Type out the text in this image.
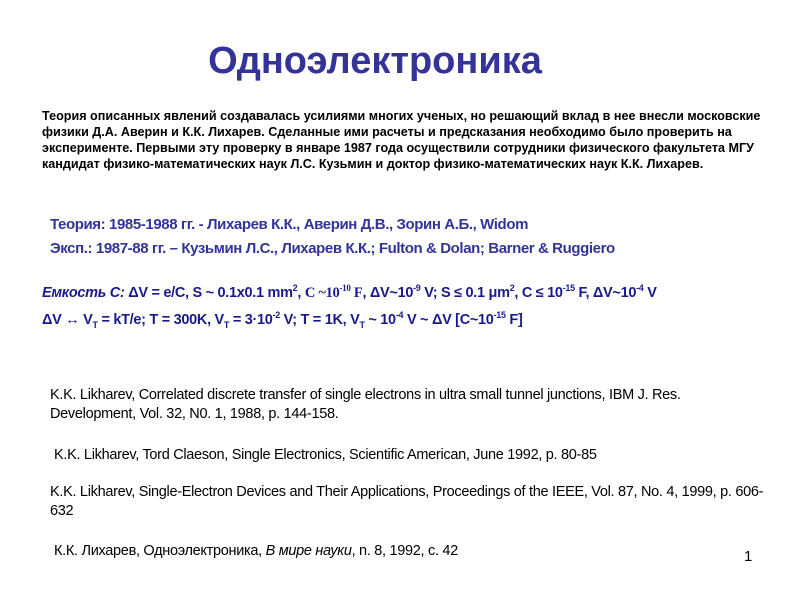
Одноэлектроника
Теория описанных явлений создавалась усилиями многих ученых, но решающий вклад в нее внесли московские физики Д.А. Аверин и К.К. Лихарев. Сделанные ими расчеты и предсказания необходимо было проверить на эксперименте. Первыми эту проверку в январе 1987 года осуществили сотрудники физического факультета МГУ кандидат физико-математических наук Л.С. Кузьмин и доктор физико-математических наук К.К. Лихарев.
Теория: 1985-1988 гг. - Лихарев К.К., Аверин Д.В., Зорин А.Б., Widom
Эксп.: 1987-88 гг. – Кузьмин Л.С., Лихарев К.К.; Fulton & Dolan; Barner & Ruggiero
Емкость С: ΔV = e/C, S ~ 0.1x0.1 $mm^2$, C $\sim 10^{-10}$ F, $\Delta V\sim 10^{-9}$ V; S ≤ 0.1 $\mu m^2$, $C \le 10^{-15}$ F, $\Delta V\sim 10^{-4}$ V
ΔV ↔ $V_T = kT/e$; T = 300K, $V_T = 3\cdot 10^{-2}$ V; T = 1K, $V_T$ ~ $10^{-4}$ V ~ ΔV [$C\sim 10^{-15}$ F]
K.K. Likharev, Correlated discrete transfer of single electrons in ultra small tunnel junctions, IBM J. Res. Development, Vol. 32, N0. 1, 1988, p. 144-158.
K.K. Likharev, Tord Claeson, Single Electronics, Scientific American, June 1992, p. 80-85
K.K. Likharev, Single-Electron Devices and Their Applications, Proceedings of the IEEE, Vol. 87, No. 4, 1999, p. 606-632
К.К. Лихарев, Одноэлектроника, В мире науки, n. 8, 1992, c. 42	1
